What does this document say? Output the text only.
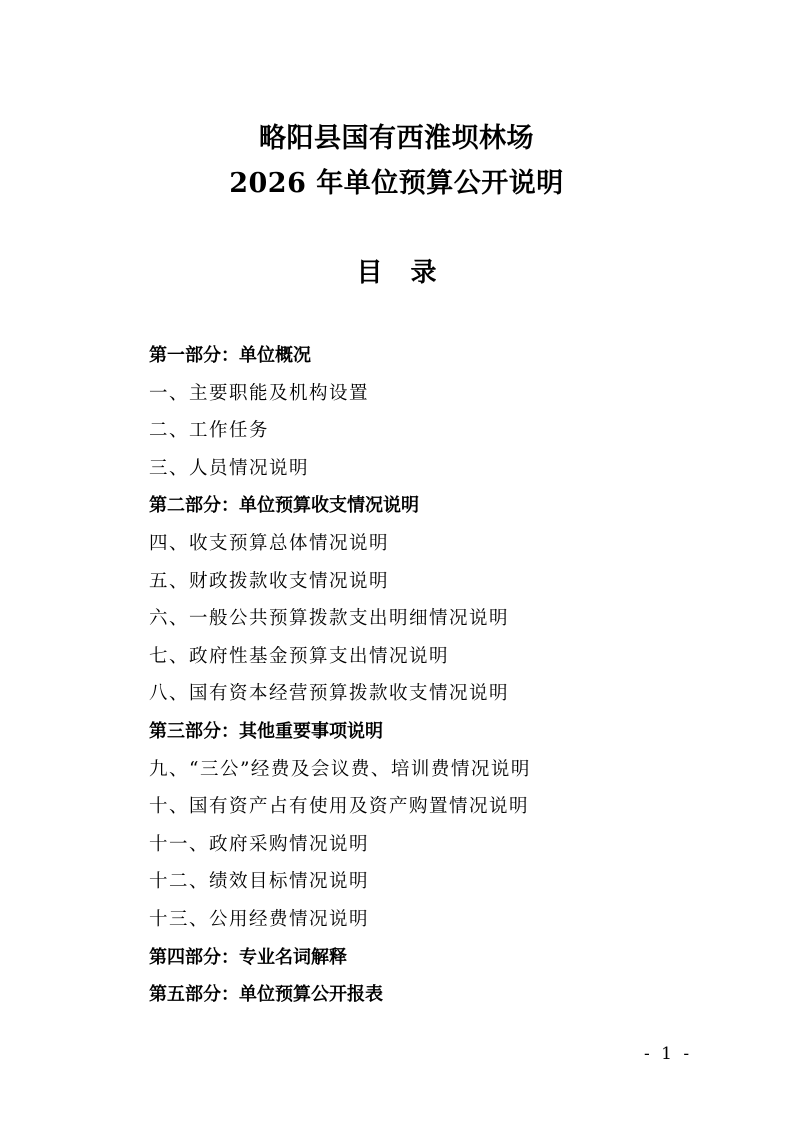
略阳县国有西淮坝林场
2026 年单位预算公开说明
目录
第一部分：单位概况
一、主要职能及机构设置
二、工作任务
三、人员情况说明
第二部分：单位预算收支情况说明
四、收支预算总体情况说明
五、财政拨款收支情况说明
六、一般公共预算拨款支出明细情况说明
七、政府性基金预算支出情况说明
八、国有资本经营预算拨款收支情况说明
第三部分：其他重要事项说明
九、“三公”经费及会议费、培训费情况说明
十、国有资产占有使用及资产购置情况说明
十一、政府采购情况说明
十二、绩效目标情况说明
十三、公用经费情况说明
第四部分：专业名词解释
第五部分：单位预算公开报表
- 1 -
